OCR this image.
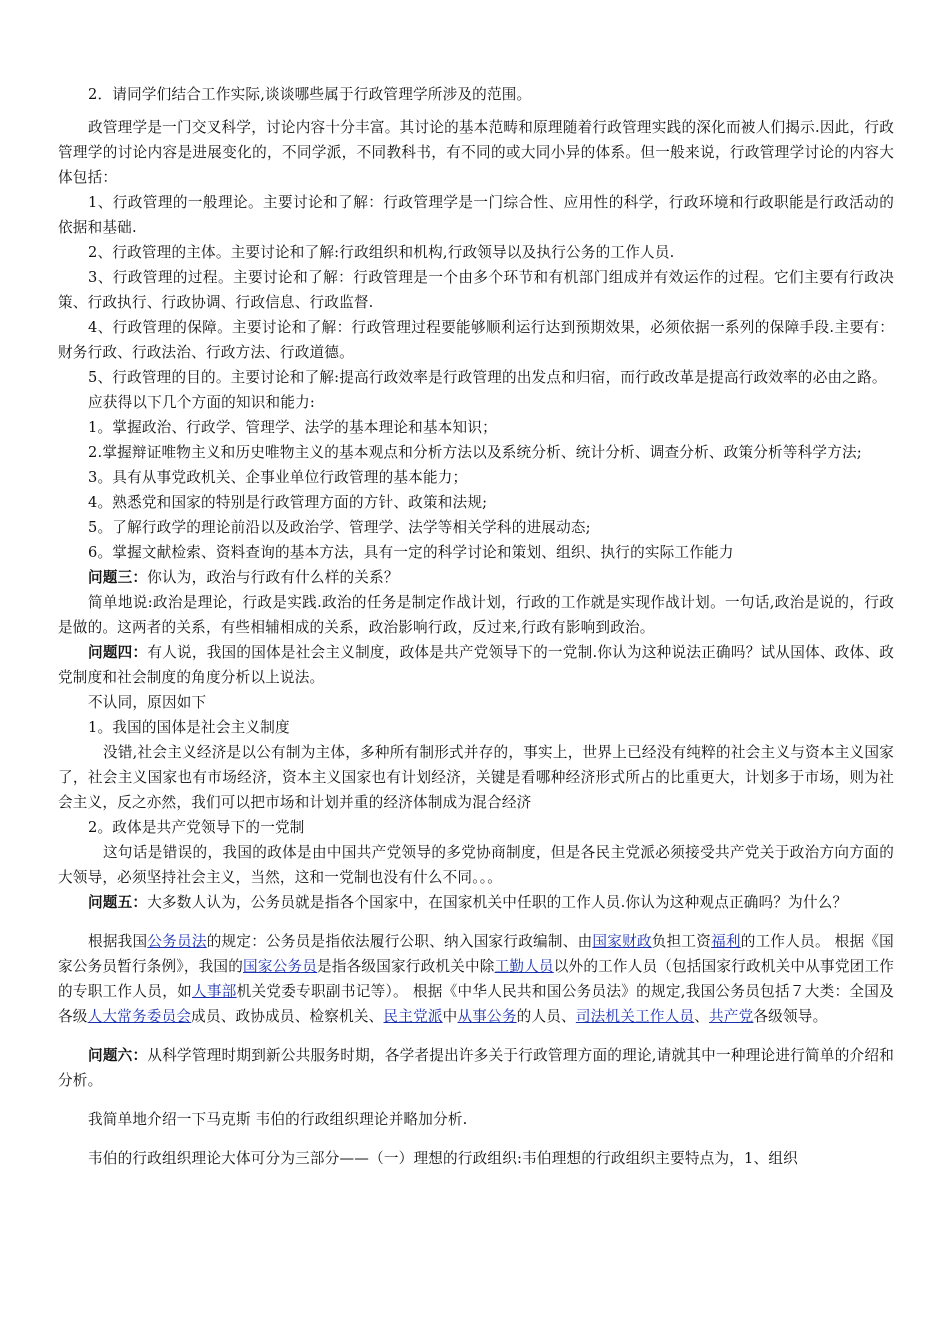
2．请同学们结合工作实际,谈谈哪些属于行政管理学所涉及的范围。

政管理学是一门交叉科学，讨论内容十分丰富。其讨论的基本范畴和原理随着行政管理实践的深化而被人们揭示.因此，行政管理学的讨论内容是进展变化的，不同学派，不同教科书，有不同的或大同小异的体系。但一般来说，行政管理学讨论的内容大体包括：

1、行政管理的一般理论。主要讨论和了解：行政管理学是一门综合性、应用性的科学，行政环境和行政职能是行政活动的依据和基础.

2、行政管理的主体。主要讨论和了解:行政组织和机构,行政领导以及执行公务的工作人员.

3、行政管理的过程。主要讨论和了解：行政管理是一个由多个环节和有机部门组成并有效运作的过程。它们主要有行政决策、行政执行、行政协调、行政信息、行政监督.

4、行政管理的保障。主要讨论和了解：行政管理过程要能够顺利运行达到预期效果，必须依据一系列的保障手段.主要有：财务行政、行政法治、行政方法、行政道德。

5、行政管理的目的。主要讨论和了解:提高行政效率是行政管理的出发点和归宿，而行政改革是提高行政效率的必由之路。

应获得以下几个方面的知识和能力:

1。掌握政治、行政学、管理学、法学的基本理论和基本知识；

2.掌握辩证唯物主义和历史唯物主义的基本观点和分析方法以及系统分析、统计分析、调查分析、政策分析等科学方法;

3。具有从事党政机关、企事业单位行政管理的基本能力；

4。熟悉党和国家的特别是行政管理方面的方针、政策和法规;

5。了解行政学的理论前沿以及政治学、管理学、法学等相关学科的进展动态;

6。掌握文献检索、资料查询的基本方法，具有一定的科学讨论和策划、组织、执行的实际工作能力

问题三：你认为，政治与行政有什么样的关系？

简单地说:政治是理论，行政是实践.政治的任务是制定作战计划，行政的工作就是实现作战计划。一句话,政治是说的，行政是做的。这两者的关系，有些相辅相成的关系，政治影响行政，反过来,行政有影响到政治。

问题四：有人说，我国的国体是社会主义制度，政体是共产党领导下的一党制.你认为这种说法正确吗？试从国体、政体、政党制度和社会制度的角度分析以上说法。

不认同，原因如下

1。我国的国体是社会主义制度

没错,社会主义经济是以公有制为主体，多种所有制形式并存的，事实上，世界上已经没有纯粹的社会主义与资本主义国家了，社会主义国家也有市场经济，资本主义国家也有计划经济，关键是看哪种经济形式所占的比重更大，计划多于市场，则为社会主义，反之亦然，我们可以把市场和计划并重的经济体制成为混合经济

2。政体是共产党领导下的一党制

这句话是错误的，我国的政体是由中国共产党领导的多党协商制度，但是各民主党派必须接受共产党关于政治方向方面的大领导，必须坚持社会主义，当然，这和一党制也没有什么不同。。。

问题五：大多数人认为，公务员就是指各个国家中，在国家机关中任职的工作人员.你认为这种观点正确吗？为什么？

根据我国公务员法的规定：公务员是指依法履行公职、纳入国家行政编制、由国家财政负担工资福利的工作人员。 根据《国家公务员暂行条例》，我国的国家公务员是指各级国家行政机关中除工勤人员以外的工作人员（包括国家行政机关中从事党团工作的专职工作人员，如人事部机关党委专职副书记等）。 根据《中华人民共和国公务员法》的规定,我国公务员包括７大类：全国及各级人大常务委员会成员、政协成员、检察机关、民主党派中从事公务的人员、司法机关工作人员、共产党各级领导。

问题六：从科学管理时期到新公共服务时期，各学者提出许多关于行政管理方面的理论,请就其中一种理论进行简单的介绍和分析。

我简单地介绍一下马克斯 韦伯的行政组织理论并略加分析.

韦伯的行政组织理论大体可分为三部分——（一）理想的行政组织:韦伯理想的行政组织主要特点为，1、组织
